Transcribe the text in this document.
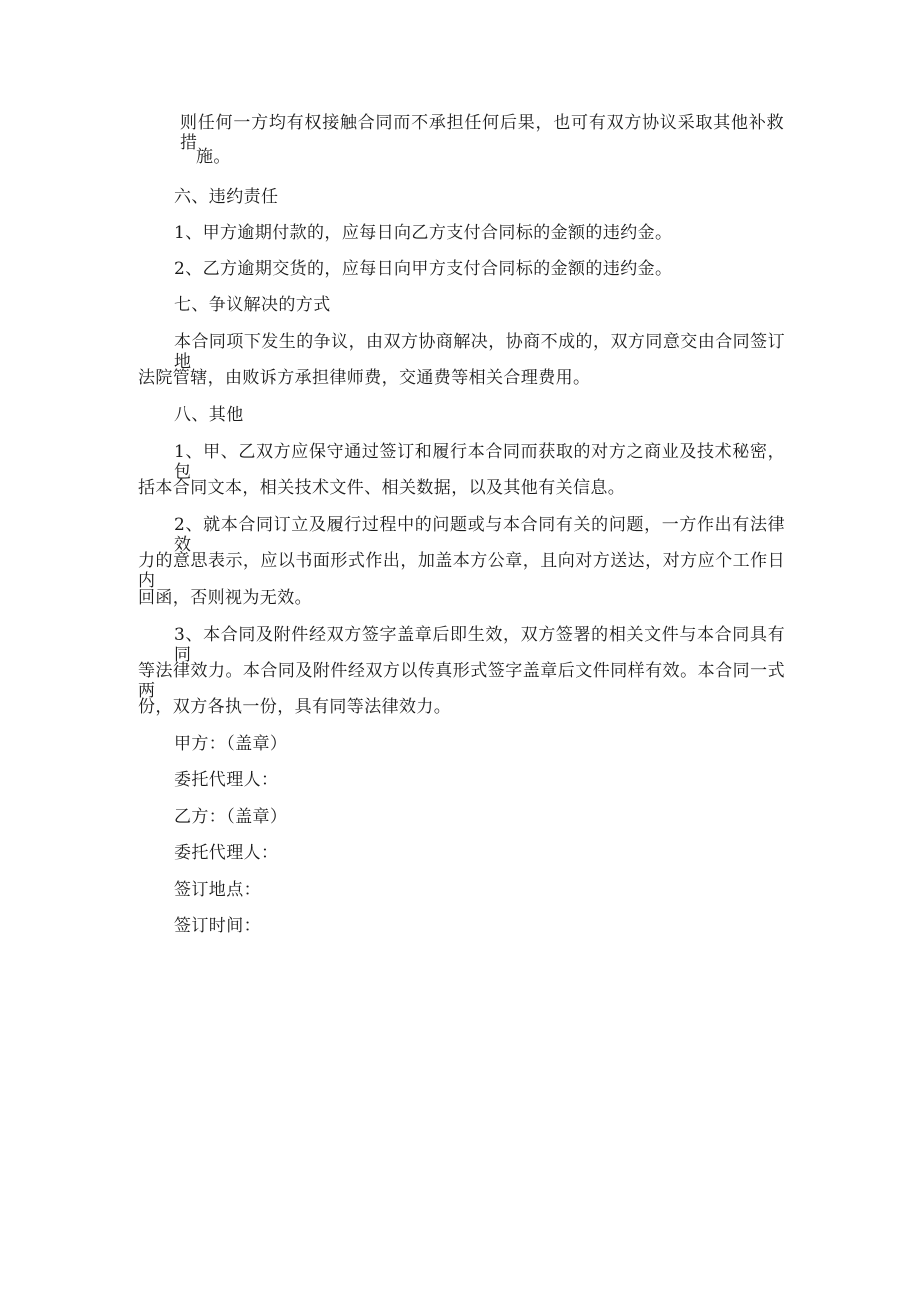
则任何一方均有权接触合同而不承担任何后果，也可有双方协议采取其他补救措
施。
六、违约责任
1、甲方逾期付款的，应每日向乙方支付合同标的金额的违约金。
2、乙方逾期交货的，应每日向甲方支付合同标的金额的违约金。
七、争议解决的方式
本合同项下发生的争议，由双方协商解决，协商不成的，双方同意交由合同签订地
法院管辖，由败诉方承担律师费，交通费等相关合理费用。
八、其他
1、甲、乙双方应保守通过签订和履行本合同而获取的对方之商业及技术秘密，包
括本合同文本，相关技术文件、相关数据，以及其他有关信息。
2、就本合同订立及履行过程中的问题或与本合同有关的问题，一方作出有法律效
力的意思表示，应以书面形式作出，加盖本方公章，且向对方送达，对方应个工作日内
回函，否则视为无效。
3、本合同及附件经双方签字盖章后即生效，双方签署的相关文件与本合同具有同
等法律效力。本合同及附件经双方以传真形式签字盖章后文件同样有效。本合同一式两
份，双方各执一份，具有同等法律效力。
甲方：（盖章）
委托代理人：
乙方：（盖章）
委托代理人：
签订地点：
签订时间：
